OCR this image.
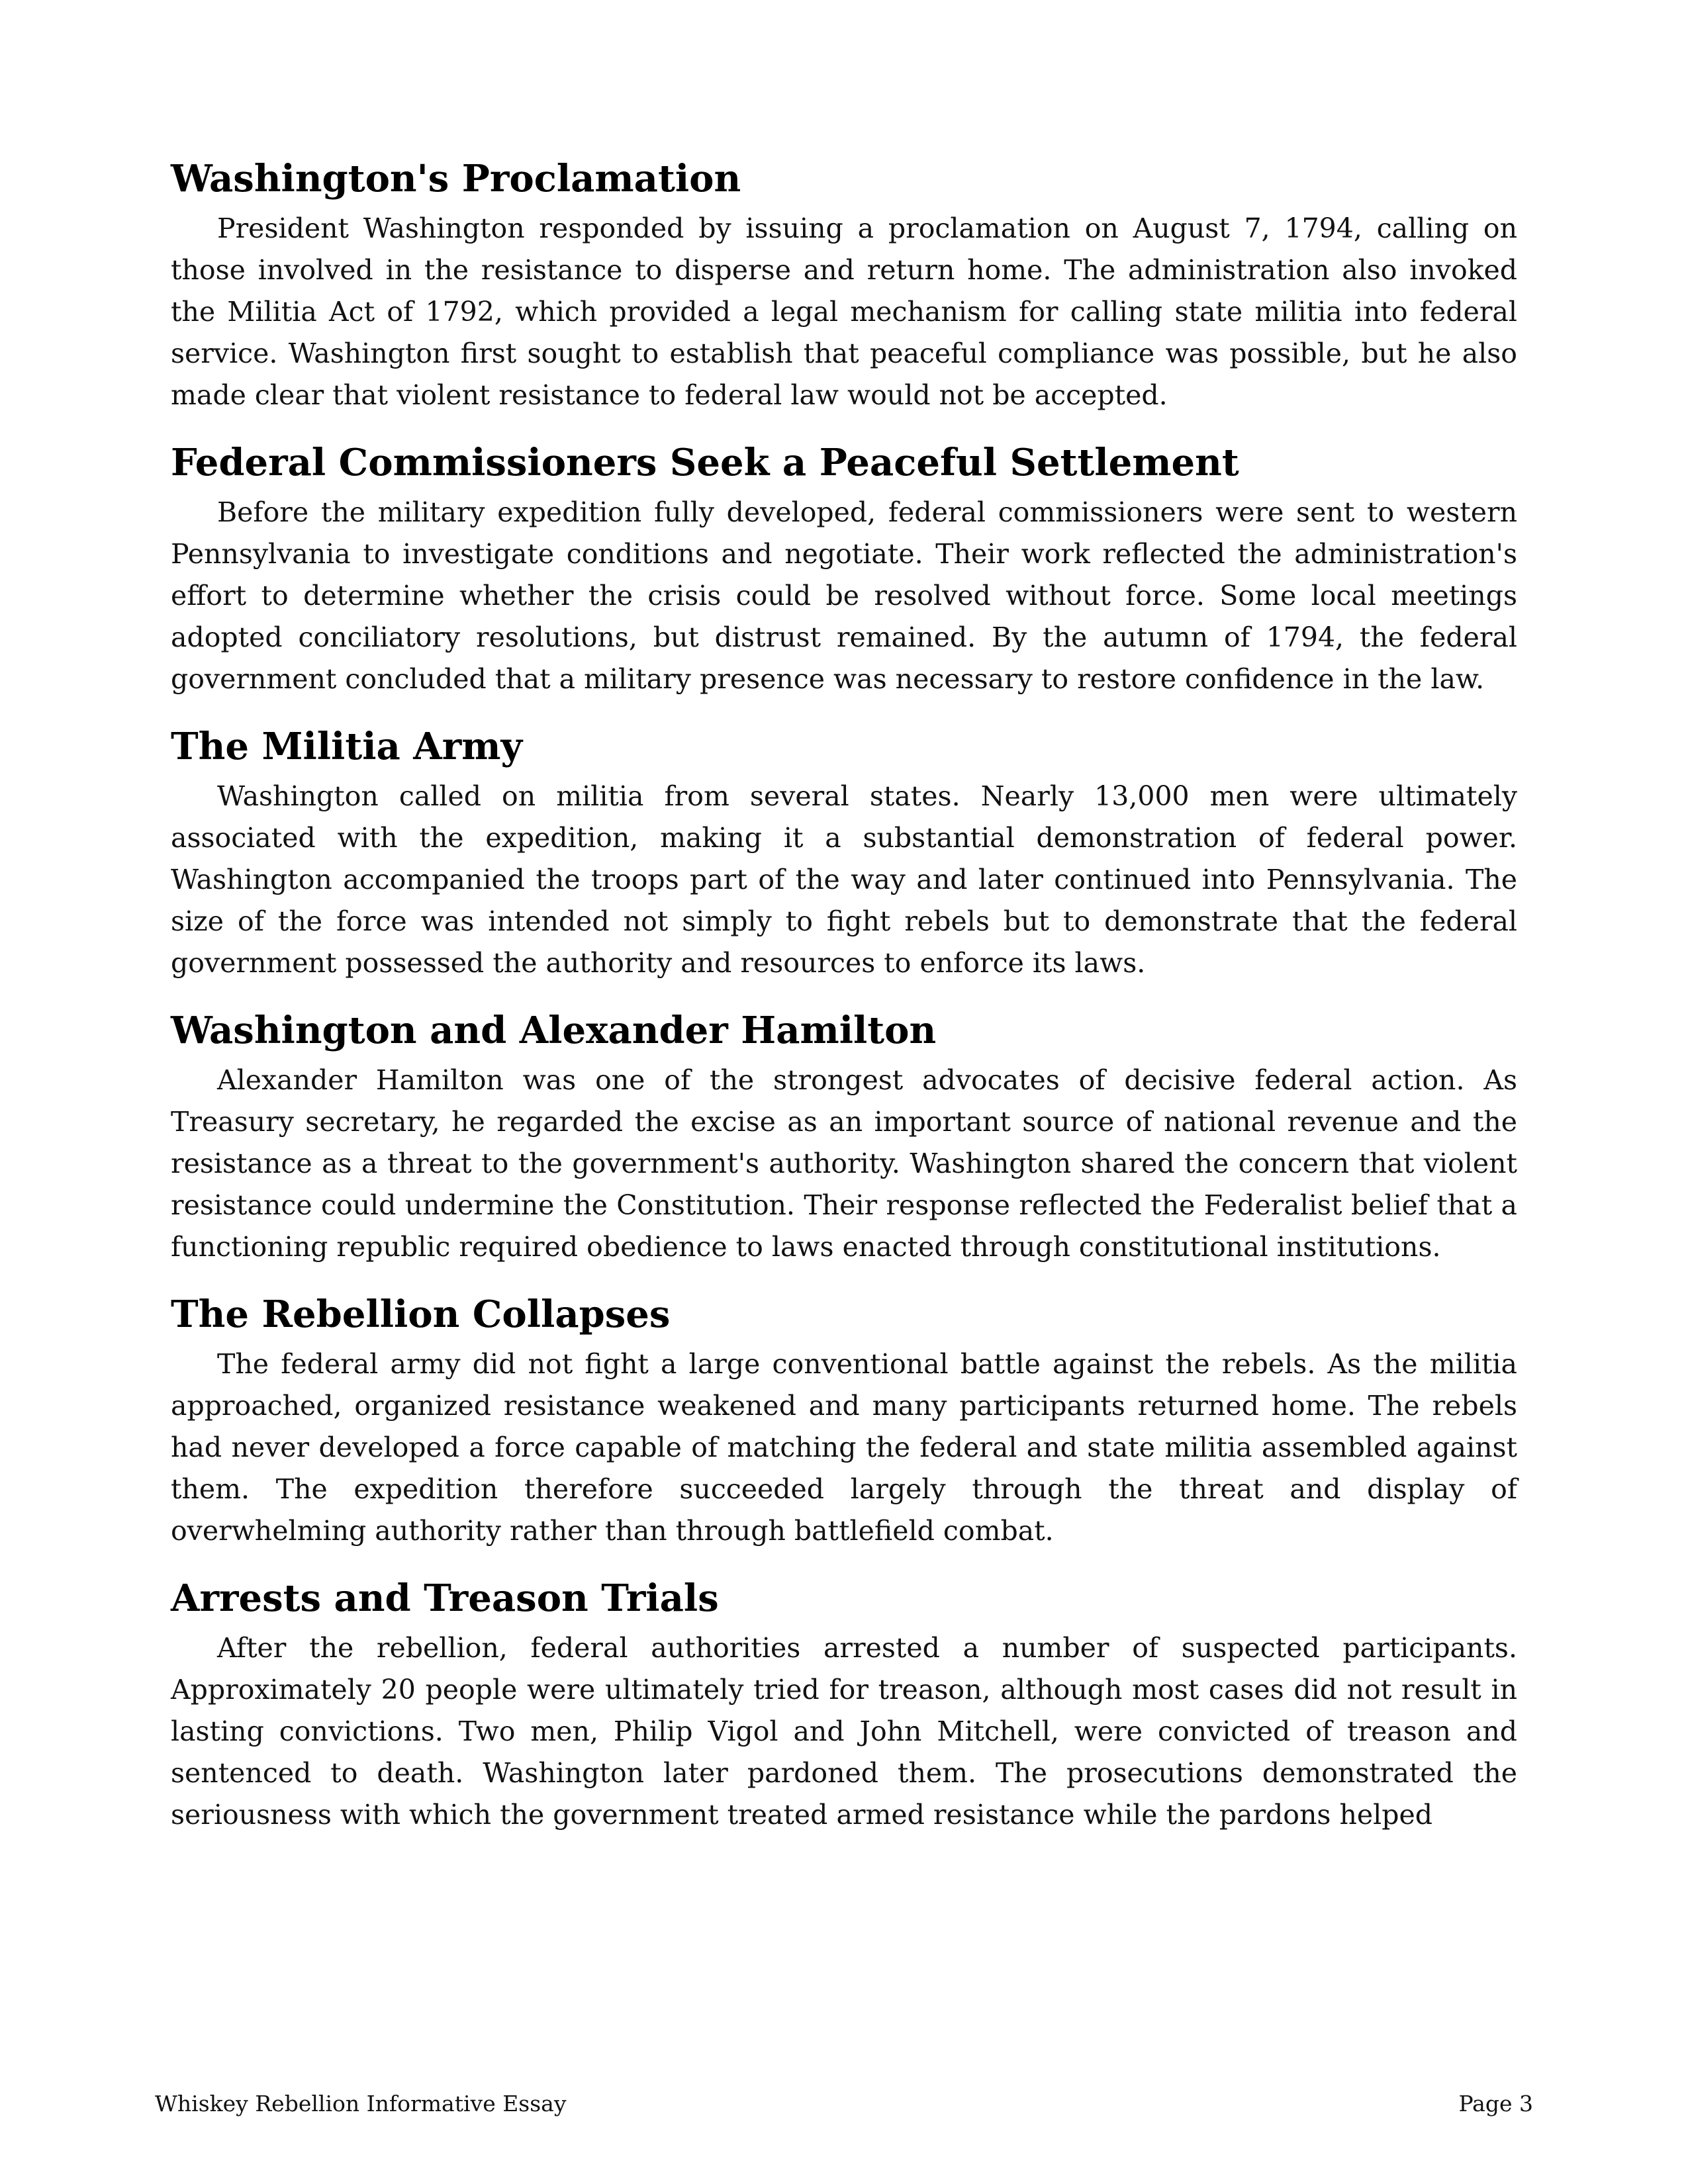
Washington's Proclamation

President Washington responded by issuing a proclamation on August 7, 1794, calling on those involved in the resistance to disperse and return home. The administration also invoked the Militia Act of 1792, which provided a legal mechanism for calling state militia into federal service. Washington first sought to establish that peaceful compliance was possible, but he also made clear that violent resistance to federal law would not be accepted.

Federal Commissioners Seek a Peaceful Settlement

Before the military expedition fully developed, federal commissioners were sent to western Pennsylvania to investigate conditions and negotiate. Their work reflected the administration's effort to determine whether the crisis could be resolved without force. Some local meetings adopted conciliatory resolutions, but distrust remained. By the autumn of 1794, the federal government concluded that a military presence was necessary to restore confidence in the law.

The Militia Army

Washington called on militia from several states. Nearly 13,000 men were ultimately associated with the expedition, making it a substantial demonstration of federal power. Washington accompanied the troops part of the way and later continued into Pennsylvania. The size of the force was intended not simply to fight rebels but to demonstrate that the federal government possessed the authority and resources to enforce its laws.

Washington and Alexander Hamilton

Alexander Hamilton was one of the strongest advocates of decisive federal action. As Treasury secretary, he regarded the excise as an important source of national revenue and the resistance as a threat to the government's authority. Washington shared the concern that violent resistance could undermine the Constitution. Their response reflected the Federalist belief that a functioning republic required obedience to laws enacted through constitutional institutions.

The Rebellion Collapses

The federal army did not fight a large conventional battle against the rebels. As the militia approached, organized resistance weakened and many participants returned home. The rebels had never developed a force capable of matching the federal and state militia assembled against them. The expedition therefore succeeded largely through the threat and display of overwhelming authority rather than through battlefield combat.

Arrests and Treason Trials

After the rebellion, federal authorities arrested a number of suspected participants. Approximately 20 people were ultimately tried for treason, although most cases did not result in lasting convictions. Two men, Philip Vigol and John Mitchell, were convicted of treason and sentenced to death. Washington later pardoned them. The prosecutions demonstrated the seriousness with which the government treated armed resistance while the pardons helped

Whiskey Rebellion Informative Essay	Page 3
